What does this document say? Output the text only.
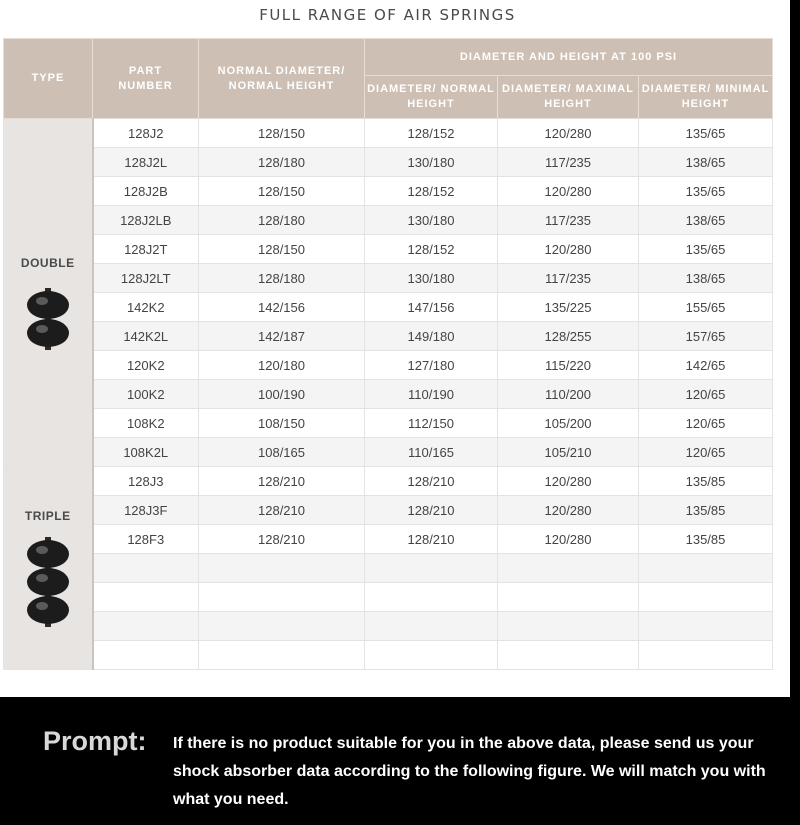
FULL RANGE OF AIR SPRINGS
TYPE	PART NUMBER	NORMAL DIAMETER/ NORMAL HEIGHT	DIAMETER AND HEIGHT AT 100 PSI		
			DIAMETER/ NORMAL HEIGHT	DIAMETER/ MAXIMAL HEIGHT	DIAMETER/ MINIMAL HEIGHT

DOUBLE	128J2	128/150	128/152	120/280	135/65
	128J2L	128/180	130/180	117/235	138/65
	128J2B	128/150	128/152	120/280	135/65
	128J2LB	128/180	130/180	117/235	138/65
	128J2T	128/150	128/152	120/280	135/65
	128J2LT	128/180	130/180	117/235	138/65
	142K2	142/156	147/156	135/225	155/65
	142K2L	142/187	149/180	128/255	157/65
	120K2	120/180	127/180	115/220	142/65
	100K2	100/190	110/190	110/200	120/65
	108K2	108/150	112/150	105/200	120/65
	108K2L	108/165	110/165	105/210	120/65

TRIPLE	128J3	128/210	128/210	120/280	135/85
	128J3F	128/210	128/210	120/280	135/85
	128F3	128/210	128/210	120/280	135/85

Prompt: If there is no product suitable for you in the above data, please send us your shock absorber data according to the following figure. We will match you with what you need.
